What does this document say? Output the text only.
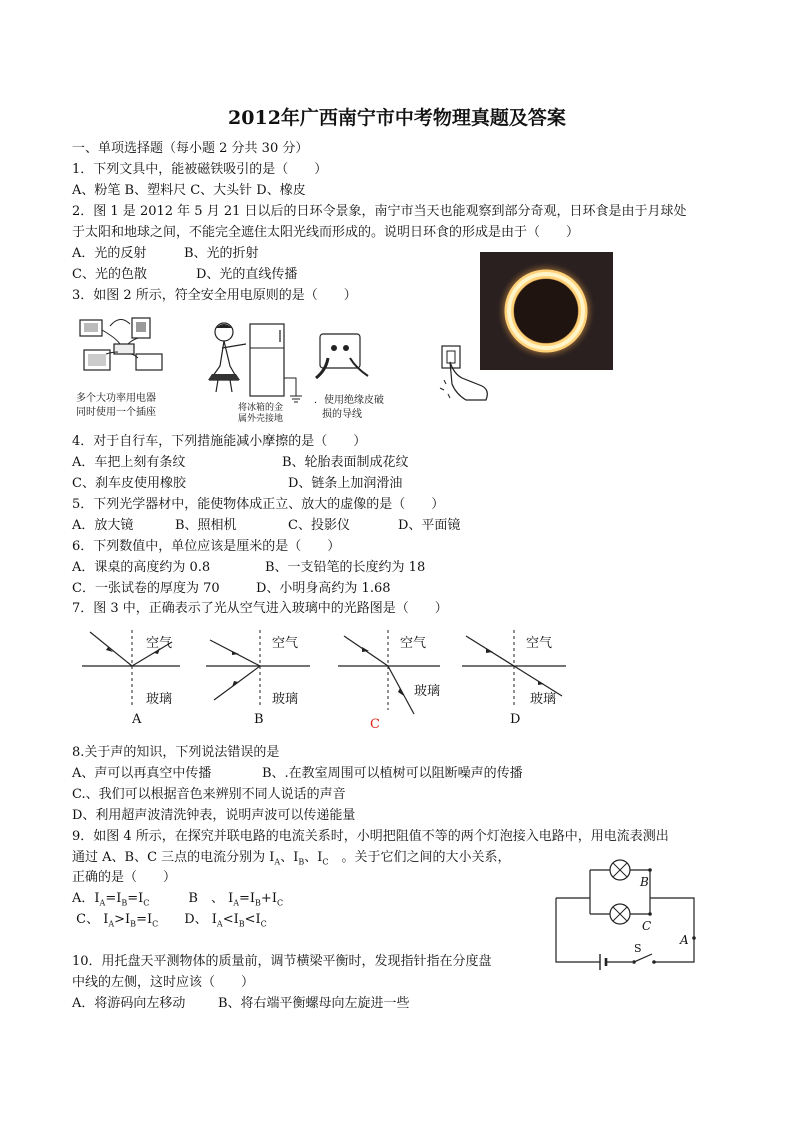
2012年广西南宁市中考物理真题及答案
一、单项选择题（每小题 2 分共 30 分）
1．下列文具中，能被磁铁吸引的是（　　）
A、粉笔 B、塑料尺 C、大头针 D、橡皮
2．图 1 是 2012 年 5 月 21 日以后的日环令景象，南宁市当天也能观察到部分奇观，日环食是由于月球处
于太阳和地球之间，不能完全遮住太阳光线而形成的。说明日环食的形成是由于（　　）
A．光的反射	B、光的折射
C、光的色散	D、光的直线传播
3．如图 2 所示，符全安全用电原则的是（　　）
多个大功率用电器
同时使用一个插座	将冰箱的金
属外壳接地
．使用绝缘皮破
损的导线
4．对于自行车，下列措施能减小摩擦的是（　　）
A．车把上刻有条纹	B、轮胎表面制成花纹
C、刹车皮使用橡胶	D、链条上加润滑油
5．下列光学器材中，能使物体成正立、放大的虚像的是（　　）
A．放大镜	B、照相机	C、投影仪	D、平面镜
6．下列数值中，单位应该是厘米的是（　　）
A．课桌的高度约为 0.8	B、一支铅笔的长度约为 18
C．一张试卷的厚度为 70	D、小明身高约为 1.68
7．图 3 中，正确表示了光从空气进入玻璃中的光路图是（　　）
空气
玻璃
A
空气
玻璃
B
空气
玻璃
C
空气
玻璃
D
8.关于声的知识，下列说法错误的是
A、声可以再真空中传播	B、.在教室周围可以植树可以阻断噪声的传播
C.、我们可以根据音色来辨别不同人说话的声音
D、利用超声波清洗钟表，说明声波可以传递能量
9．如图 4 所示，在探究并联电路的电流关系时，小明把阻值不等的两个灯泡接入电路中，用电流表测出
通过 A、B、C 三点的电流分别为 $I_A$、$I_B$、$I_C$　 。关于它们之间的大小关系，
正确的是（　　）
A．$I_A=I_B=I_C$　　　B　、 $I_A=I_B+I_C$
C、 $I_A>I_B=I_C$　　D、 $I_A<I_B<I_C$
B
C
A
S
10．用托盘天平测物体的质量前，调节横梁平衡时，发现指针指在分度盘
中线的左侧，这时应该（　　）
A．将游码向左移动	B、将右端平衡螺母向左旋进一些
